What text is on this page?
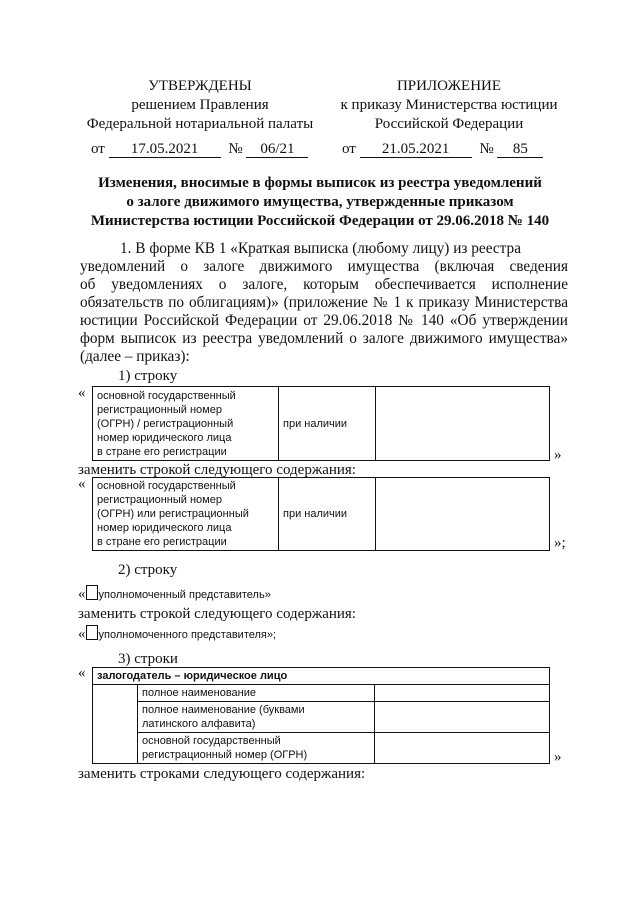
УТВЕРЖДЕНЫ
решением Правления
Федеральной нотариальной палаты
от 17.05.2021 № 06/21
ПРИЛОЖЕНИЕ
к приказу Министерства юстиции
Российской Федерации
от 21.05.2021 № 85
Изменения, вносимые в формы выписок из реестра уведомлений
о залоге движимого имущества, утвержденные приказом
Министерства юстиции Российской Федерации от 29.06.2018 № 140
1. В форме КВ 1 «Краткая выписка (любому лицу) из реестра
уведомлений о залоге движимого имущества (включая сведения
об уведомлениях о залоге, которым обеспечивается исполнение
обязательств по облигациям)» (приложение № 1 к приказу Министерства
юстиции Российской Федерации от 29.06.2018 № 140 «Об утверждении
форм выписок из реестра уведомлений о залоге движимого имущества»
(далее – приказ):
1) строку
« основной государственный
регистрационный номер
(ОГРН) / регистрационный
номер юридического лица
в стране его регистрации
	при наличии	
»
заменить строкой следующего содержания:
« основной государственный
регистрационный номер
(ОГРН) или регистрационный
номер юридического лица
в стране его регистрации
	при наличии	
»;
2) строку
« уполномоченный представитель»
заменить строкой следующего содержания:
« уполномоченного представителя»;
3) строки
« залогодатель – юридическое лицо		
	полное наименование	

	полное наименование (буквами
латинского алфавита)	

	основной государственный
регистрационный номер (ОГРН)	
		»
заменить строками следующего содержания:
